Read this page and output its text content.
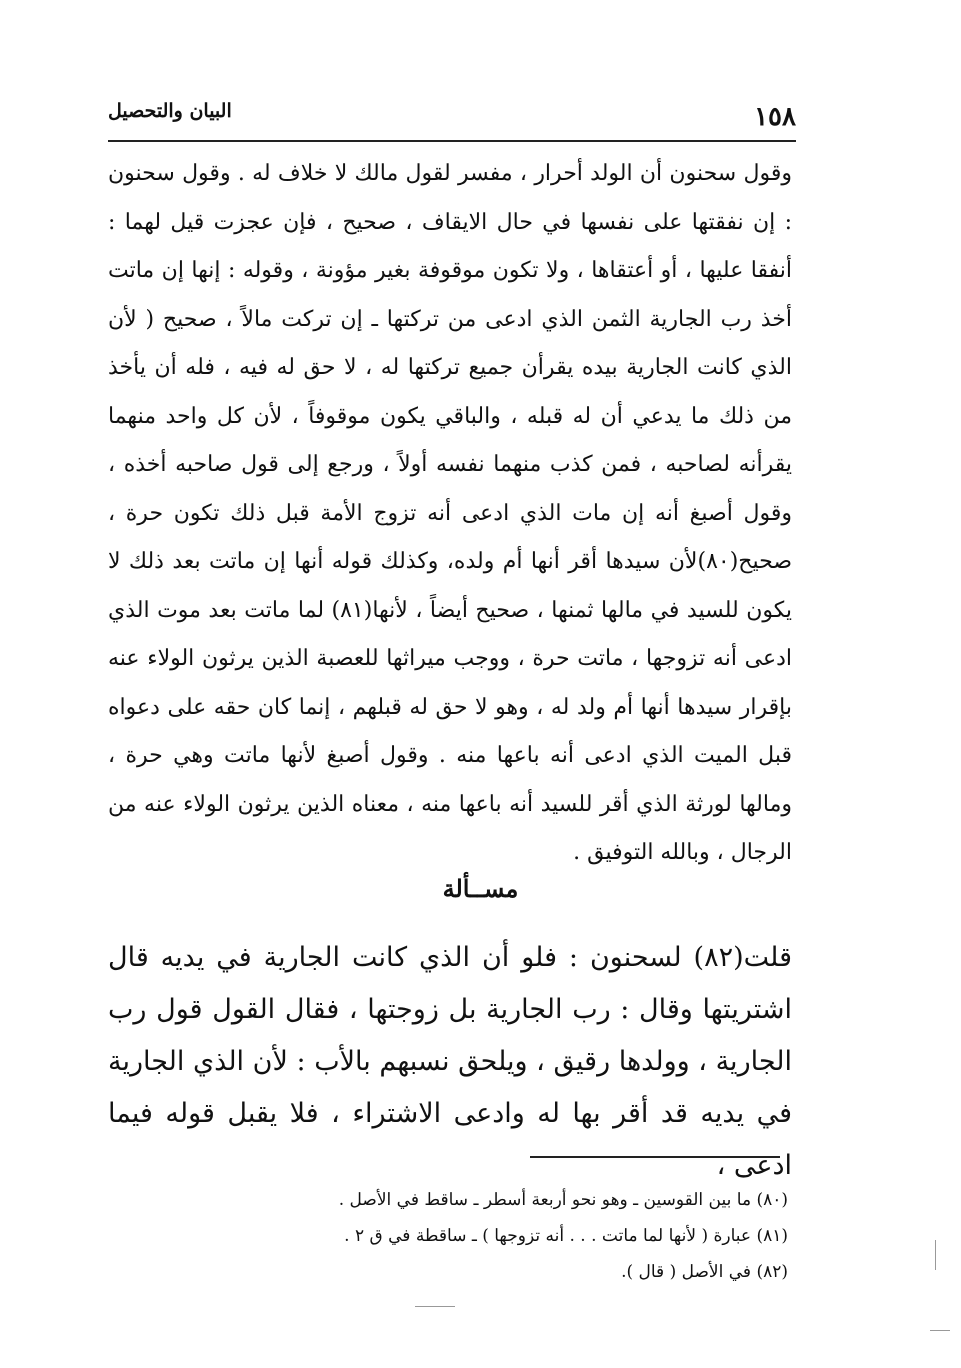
١٥٨
البيان والتحصيل

وقول سحنون أن الولد أحرار ، مفسر لقول مالك لا خلاف له . وقول سحنون : إن نفقتها على نفسها في حال الايقاف ، صحيح ، فإن عجزت قيل لهما : أنفقا عليها ، أو أعتقاها ، ولا تكون موقوفة بغير مؤونة ، وقوله : إنها إن ماتت أخذ رب الجارية الثمن الذي ادعى من تركتها ـ إن تركت مالاً ، صحيح ( لأن الذي كانت الجارية بيده يقرأن جميع تركتها له ، لا حق له فيه ، فله أن يأخذ من ذلك ما يدعي أن له قبله ، والباقي يكون موقوفاً ، لأن كل واحد منهما يقرأنه لصاحبه ، فمن كذب منهما نفسه أولاً ، ورجع إلى قول صاحبه أخذه ، وقول أصبغ أنه إن مات الذي ادعى أنه تزوج الأمة قبل ذلك تكون حرة ، صحيح(٨٠)لأن سيدها أقر أنها أم ولده، وكذلك قوله أنها إن ماتت بعد ذلك لا يكون للسيد في مالها ثمنها ، صحيح أيضاً ، لأنها(٨١) لما ماتت بعد موت الذي ادعى أنه تزوجها ، ماتت حرة ، ووجب ميراثها للعصبة الذين يرثون الولاء عنه بإقرار سيدها أنها أم ولد له ، وهو لا حق له قبلهم ، إنما كان حقه على دعواه قبل الميت الذي ادعى أنه باعها منه . وقول أصبغ لأنها ماتت وهي حرة ، ومالها لورثة الذي أقر للسيد أنه باعها منه ، معناه الذين يرثون الولاء عنه من الرجال ، وبالله التوفيق .

مســألة

قلت(٨٢) لسحنون : فلو أن الذي كانت الجارية في يديه قال اشتريتها وقال : رب الجارية بل زوجتها ، فقال القول قول رب الجارية ، وولدها رقيق ، ويلحق نسبهم بالأب : لأن الذي الجارية في يديه قد أقر بها له وادعى الاشتراء ، فلا يقبل قوله فيما ادعى ،

(٨٠) ما بين القوسين ـ وهو نحو أربعة أسطر ـ ساقط في الأصل .
(٨١) عبارة ( لأنها لما ماتت . . . أنه تزوجها ) ـ ساقطة في ق ٢ .
(٨٢) في الأصل ( قال ).
